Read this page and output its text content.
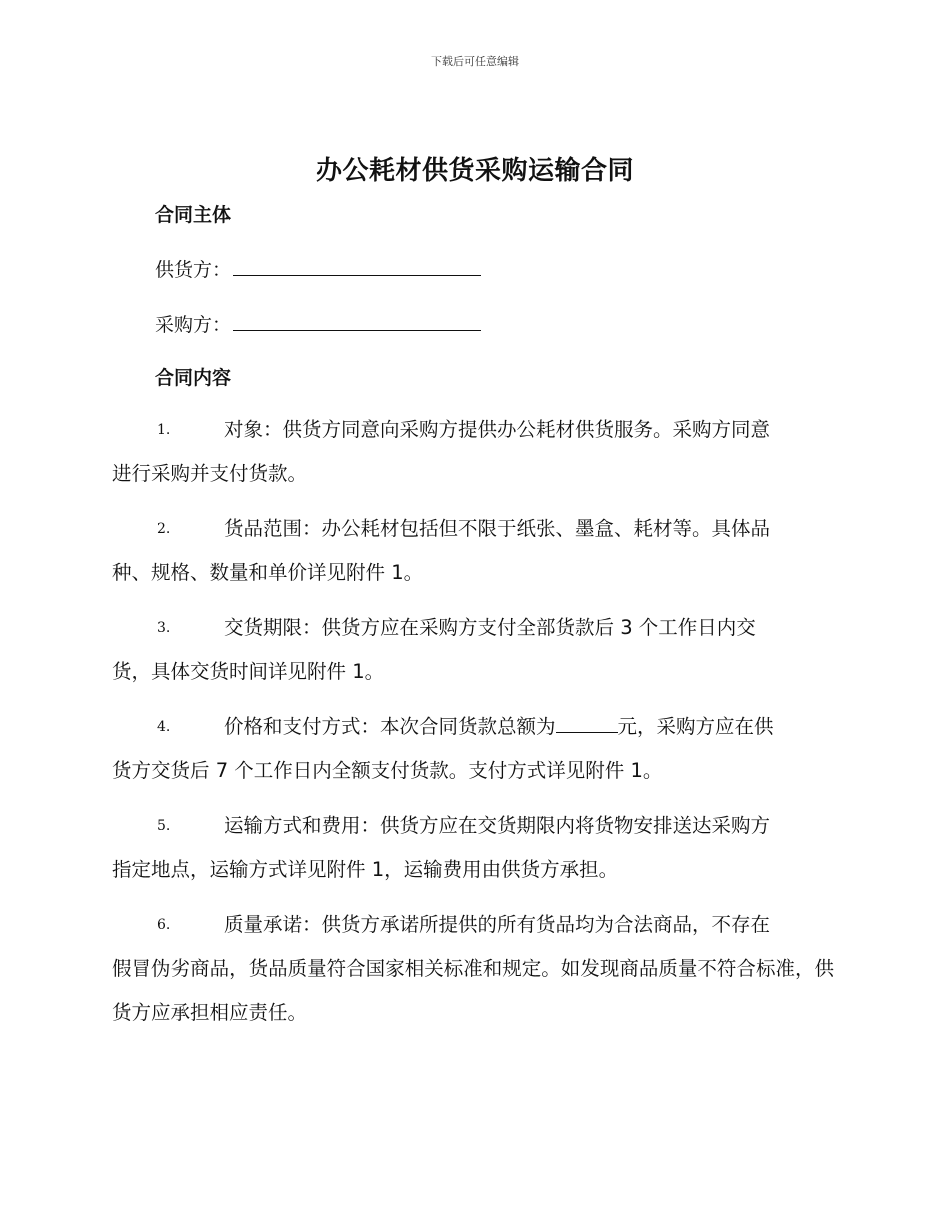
下载后可任意编辑
办公耗材供货采购运输合同
合同主体
供货方：
采购方：
合同内容
1.	对象：供货方同意向采购方提供办公耗材供货服务。采购方同意
进行采购并支付货款。
2.	货品范围：办公耗材包括但不限于纸张、墨盒、耗材等。具体品
种、规格、数量和单价详见附件 1。
3.	交货期限：供货方应在采购方支付全部货款后 3 个工作日内交
货，具体交货时间详见附件 1。
4.	价格和支付方式：本次合同货款总额为	元，采购方应在供
货方交货后 7 个工作日内全额支付货款。支付方式详见附件 1。
5.	运输方式和费用：供货方应在交货期限内将货物安排送达采购方
指定地点，运输方式详见附件 1，运输费用由供货方承担。
6.	质量承诺：供货方承诺所提供的所有货品均为合法商品，不存在
假冒伪劣商品，货品质量符合国家相关标准和规定。如发现商品质量不符合标准，供货方应承担相应责任。
